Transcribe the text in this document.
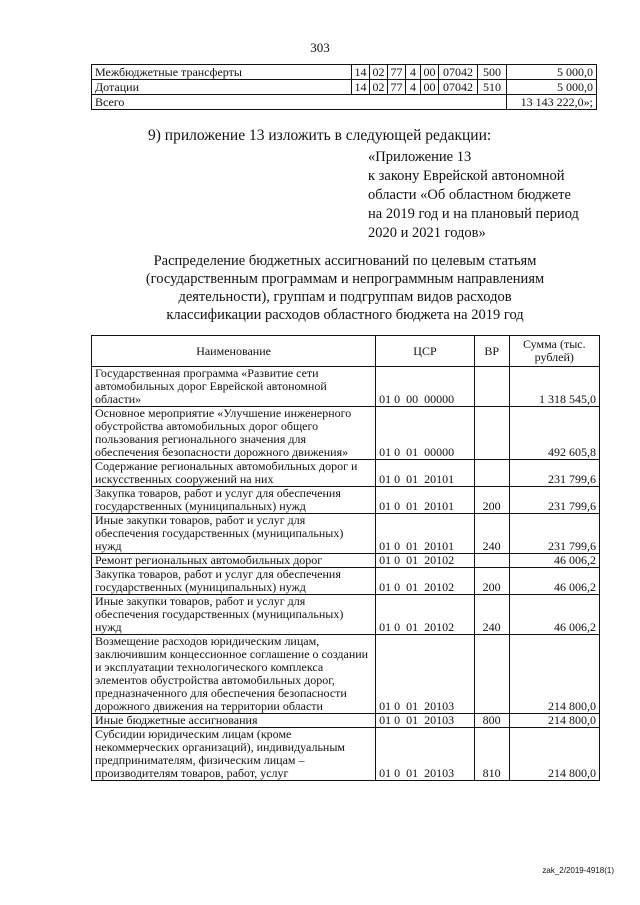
303
Межбюджетные трансферты	14	02	77	4	00	07042	500	5 000,0
Дотации	14	02	77	4	00	07042	510	5 000,0
Всего								13 143 222,0»;
9) приложение 13 изложить в следующей редакции:
«Приложение 13
к закону Еврейской автономной
области «Об областном бюджете
на 2019 год и на плановый период
2020 и 2021 годов»
Распределение бюджетных ассигнований по целевым статьям
(государственным программам и непрограммным направлениям
деятельности), группам и подгруппам видов расходов
классификации расходов областного бюджета на 2019 год
Наименование	ЦСР	ВР	Сумма (тыс. рублей)
Государственная программа «Развитие сети автомобильных дорог Еврейской автономной области»	01 0  00  00000		1 318 545,0
Основное мероприятие «Улучшение инженерного обустройства автомобильных дорог общего пользования регионального значения для обеспечения безопасности дорожного движения»	01 0  01  00000		492 605,8
Содержание региональных автомобильных дорог и искусственных сооружений на них	01 0  01  20101		231 799,6
Закупка товаров, работ и услуг для обеспечения государственных (муниципальных) нужд	01 0  01  20101	200	231 799,6
Иные закупки товаров, работ и услуг для обеспечения государственных (муниципальных) нужд	01 0  01  20101	240	231 799,6
Ремонт региональных автомобильных дорог	01 0  01  20102		46 006,2
Закупка товаров, работ и услуг для обеспечения государственных (муниципальных) нужд	01 0  01  20102	200	46 006,2
Иные закупки товаров, работ и услуг для обеспечения государственных (муниципальных) нужд	01 0  01  20102	240	46 006,2
Возмещение расходов юридическим лицам, заключившим концессионное соглашение о создании и эксплуатации технологического комплекса элементов обустройства автомобильных дорог, предназначенного для обеспечения безопасности дорожного движения на территории области	01 0  01  20103		214 800,0
Иные бюджетные ассигнования	01 0  01  20103	800	214 800,0
Субсидии юридическим лицам (кроме некоммерческих организаций), индивидуальным предпринимателям, физическим лицам – производителям товаров, работ, услуг	01 0  01  20103	810	214 800,0
zak_2/2019-4918(1)
